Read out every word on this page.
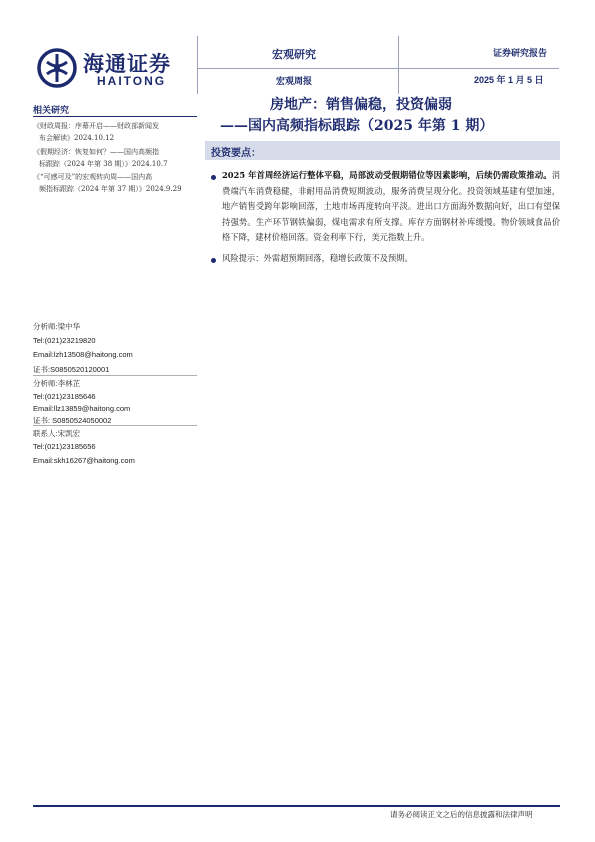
海通证券
HAITONG
宏观研究	证券研究报告
宏观周报	2025 年 1 月 5 日
房地产：销售偏稳，投资偏弱
——国内高频指标跟踪（2025 年第 1 期）
相关研究
《财政周报：序幕开启——财政部新闻发
布会解读》2024.10.12
《假期经济：恢复如何？——国内高频指
标跟踪（2024 年第 38 期）》2024.10.7
《“可感可及”的宏观转向周——国内高
频指标跟踪（2024 年第 37 期）》2024.9.29
分析师:梁中华
Tel:(021)23219820
Email:lzh13508@haitong.com
证书:S0850520120001
分析师:李林芷
Tel:(021)23185646
Email:llz13859@haitong.com
证书: S0850524050002
联系人:宋凯宏
Tel:(021)23185656
Email:skh16267@haitong.com
投资要点：
2025 年首周经济运行整体平稳，局部波动受假期错位等因素影响，后续仍需政策推动。消费端汽车消费稳健，非耐用品消费短期波动，服务消费呈现分化。投资领域基建有望加速，地产销售受跨年影响回落，土地市场再度转向平淡。进出口方面海外数据向好，出口有望保持强势。生产环节钢铁偏弱，煤电需求有所支撑。库存方面钢材补库缓慢。物价领域食品价格下降，建材价格回落。资金利率下行，美元指数上升。
风险提示：外需超预期回落，稳增长政策不及预期。
请务必阅读正文之后的信息披露和法律声明
